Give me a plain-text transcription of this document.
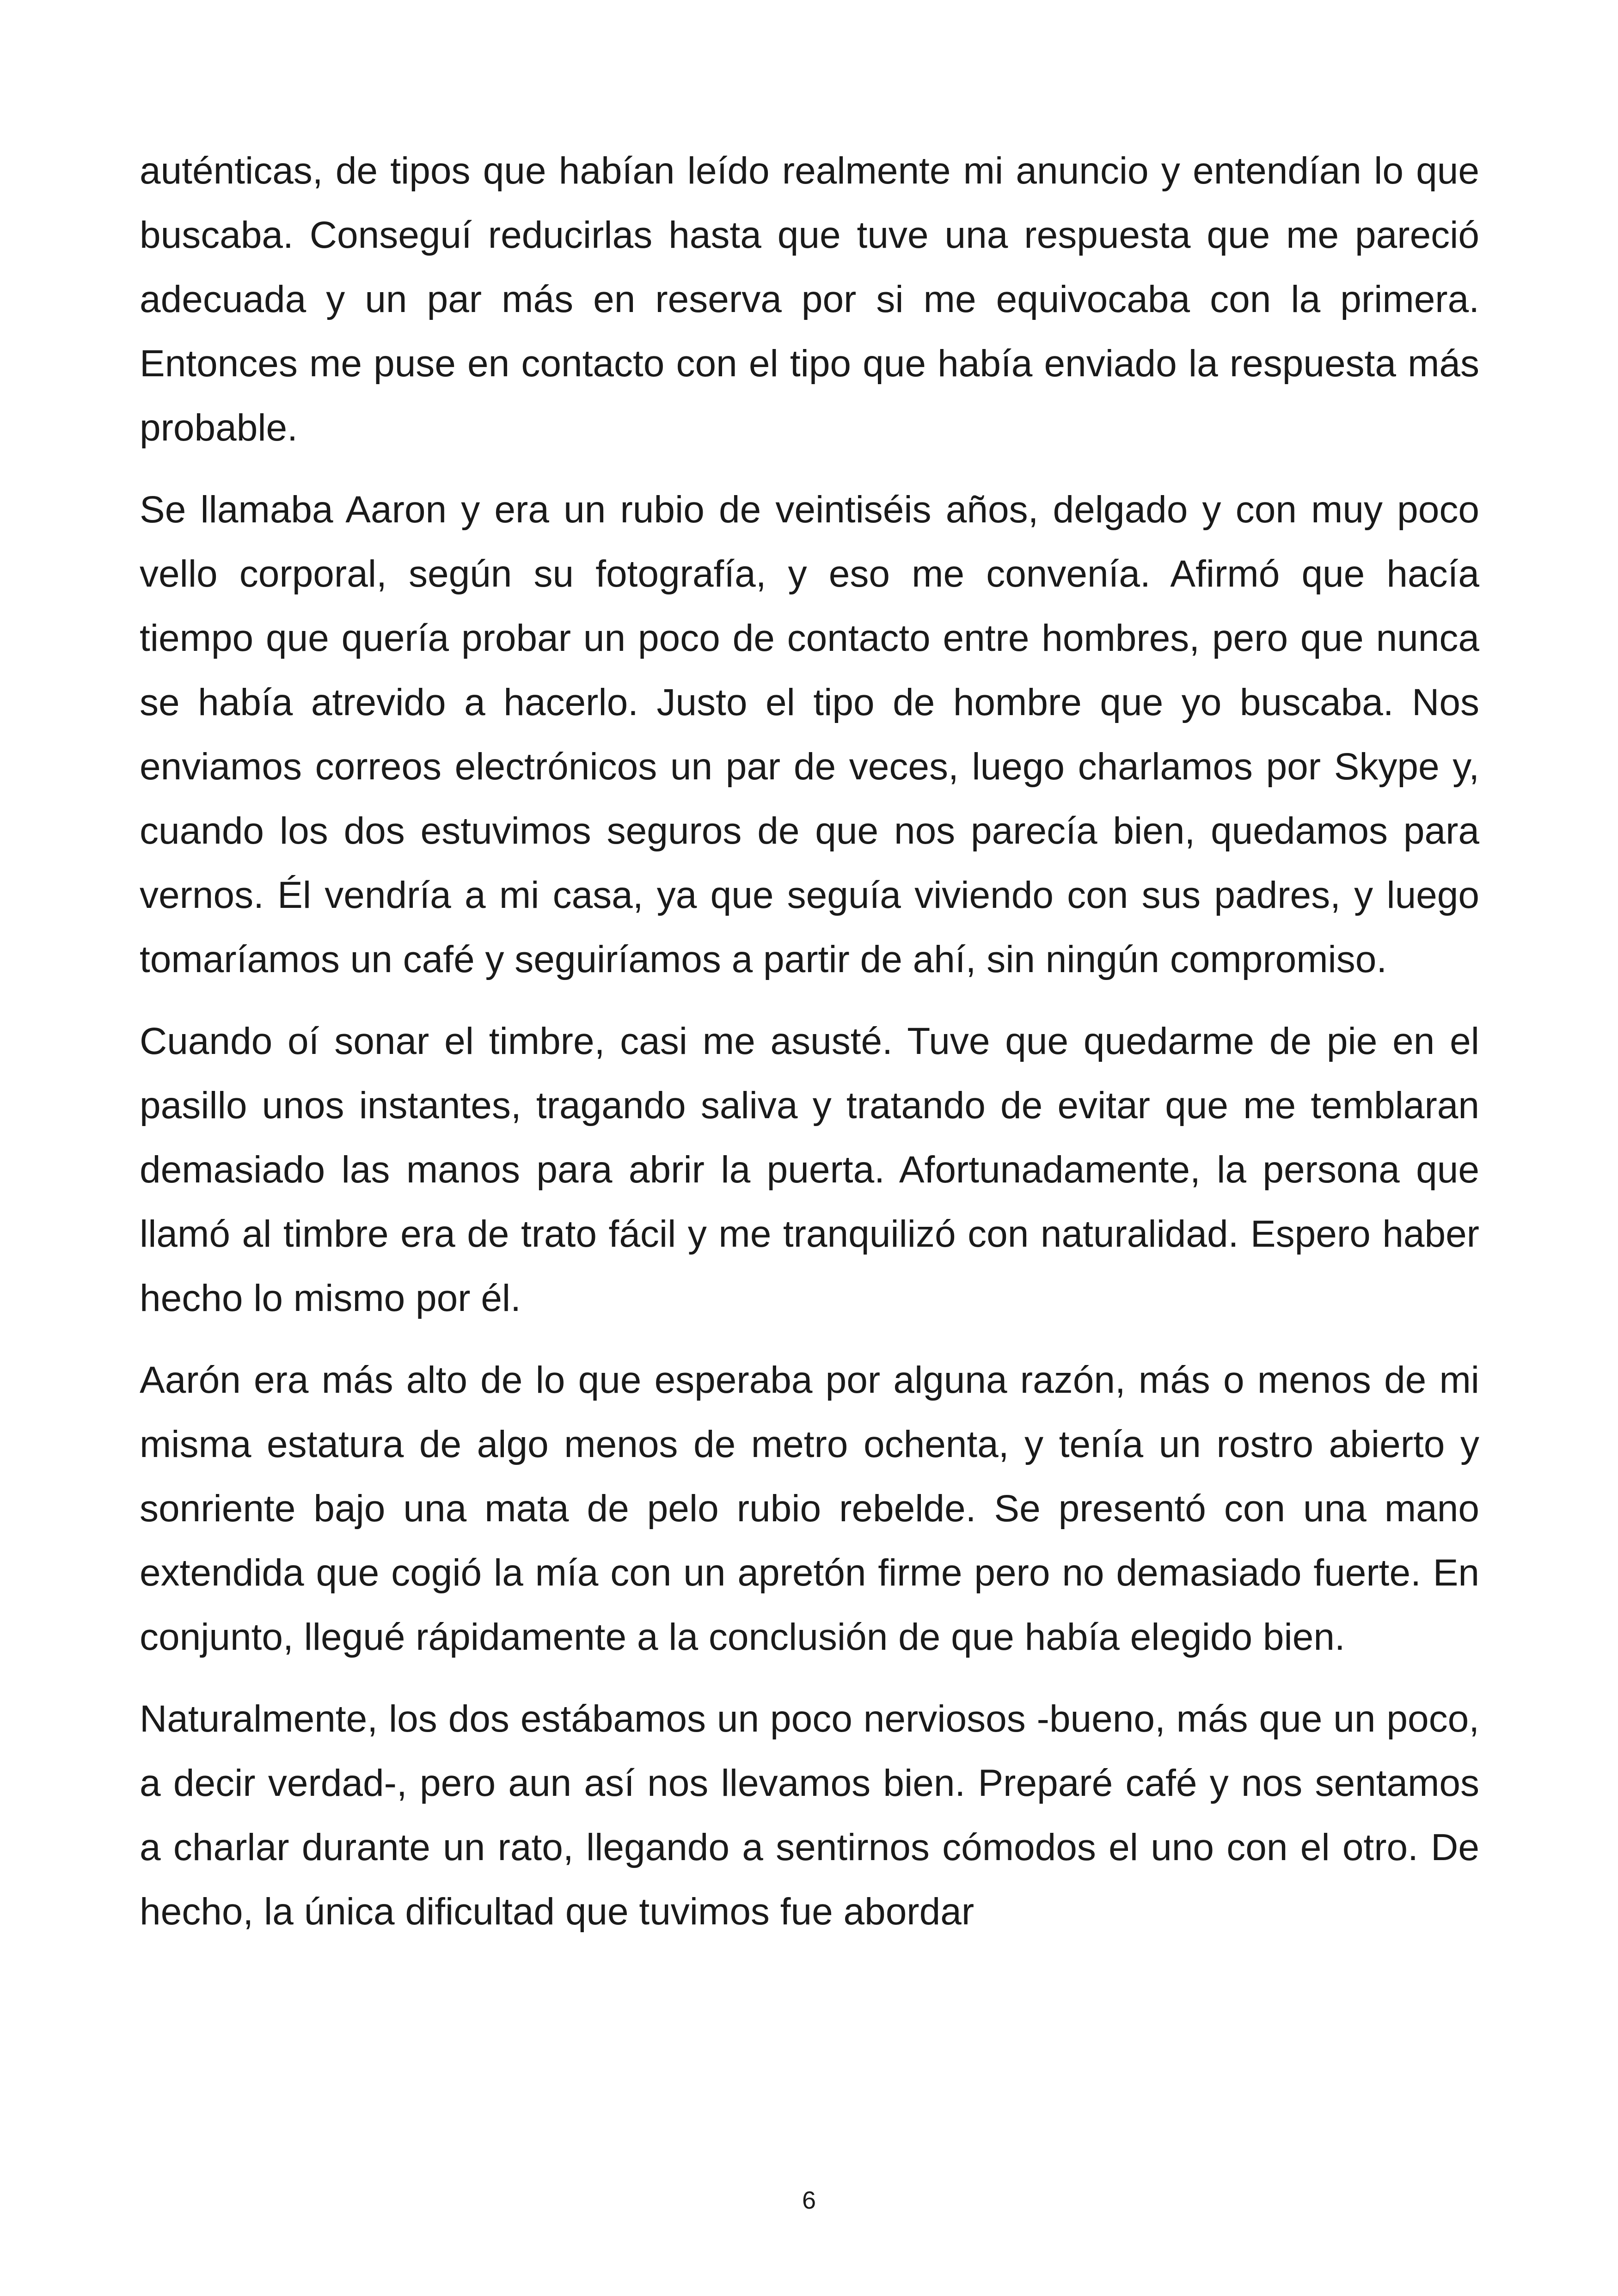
auténticas, de tipos que habían leído realmente mi anuncio y entendían lo que buscaba. Conseguí reducirlas hasta que tuve una respuesta que me pareció adecuada y un par más en reserva por si me equivocaba con la primera. Entonces me puse en contacto con el tipo que había enviado la respuesta más probable.

Se llamaba Aaron y era un rubio de veintiséis años, delgado y con muy poco vello corporal, según su fotografía, y eso me convenía. Afirmó que hacía tiempo que quería probar un poco de contacto entre hombres, pero que nunca se había atrevido a hacerlo. Justo el tipo de hombre que yo buscaba. Nos enviamos correos electrónicos un par de veces, luego charlamos por Skype y, cuando los dos estuvimos seguros de que nos parecía bien, quedamos para vernos. Él vendría a mi casa, ya que seguía viviendo con sus padres, y luego tomaríamos un café y seguiríamos a partir de ahí, sin ningún compromiso.

Cuando oí sonar el timbre, casi me asusté. Tuve que quedarme de pie en el pasillo unos instantes, tragando saliva y tratando de evitar que me temblaran demasiado las manos para abrir la puerta. Afortunadamente, la persona que llamó al timbre era de trato fácil y me tranquilizó con naturalidad. Espero haber hecho lo mismo por él.

Aarón era más alto de lo que esperaba por alguna razón, más o menos de mi misma estatura de algo menos de metro ochenta, y tenía un rostro abierto y sonriente bajo una mata de pelo rubio rebelde. Se presentó con una mano extendida que cogió la mía con un apretón firme pero no demasiado fuerte. En conjunto, llegué rápidamente a la conclusión de que había elegido bien.

Naturalmente, los dos estábamos un poco nerviosos -bueno, más que un poco, a decir verdad-, pero aun así nos llevamos bien. Preparé café y nos sentamos a charlar durante un rato, llegando a sentirnos cómodos el uno con el otro. De hecho, la única dificultad que tuvimos fue abordar

6
